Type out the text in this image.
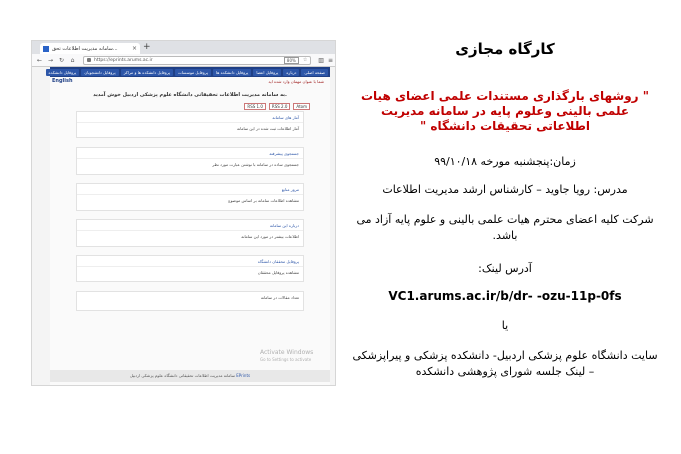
سامانه مدیریت اطلاعات تحق... × +
← → ↻ ⌂	https://eprints.arums.ac.ir	80%	☆ ▥ ≡
صفحه اصلی
درباره
پروفایل اعضا
پروفایل دانشکده ها
پروفایل موسسات
پروفایل دانشکده ها و مراکز
پروفایل دانشجویان
پروفایل دانشکده
English	شما با عنوان مهمان وارد شده اید
به سامانه مدیریت اطلاعات تحقیقاتی دانشگاه علوم پزشکی اردبیل خوش آمدید.
RSS 1.0	RSS 2.0	Atom
آمار های سامانه
آمار اطلاعات ثبت شده در این سامانه
جستجوی پیشرفته
جستجوی ساده در سامانه با نوشتن عبارت مورد نظر
مرور منابع
مشاهده اطلاعات سامانه بر اساس موضوع
درباره این سامانه
اطلاعات بیشتر در مورد این سامانه
پروفایل محققان دانشگاه
مشاهده پروفایل محققان
تعداد مقالات در سامانه
Activate Windows
Go to Settings to activate
سامانه مدیریت اطلاعات تحقیقاتی دانشگاه علوم پزشکی اردبیل EPrints
کارگاه مجازی
" روشهای بارگذاری مستندات علمی اعضای هیات علمی بالینی وعلوم پایه در سامانه مدیریت اطلاعاتی تحقیقات دانشگاه "
زمان:پنجشنبه مورخه ۹۹/۱۰/۱۸
مدرس: رویا جاوید – کارشناس ارشد مدیریت اطلاعات
شرکت کلیه اعضای محترم هیات علمی بالینی و علوم پایه آزاد می باشد.
آدرس لینک:
VC1.arums.ac.ir/b/dr- -ozu-11p-0fs
یا
سایت دانشگاه علوم پزشکی اردبیل- دانشکده پزشکی و پیراپزشکی – لینک جلسه شورای پژوهشی دانشکده
